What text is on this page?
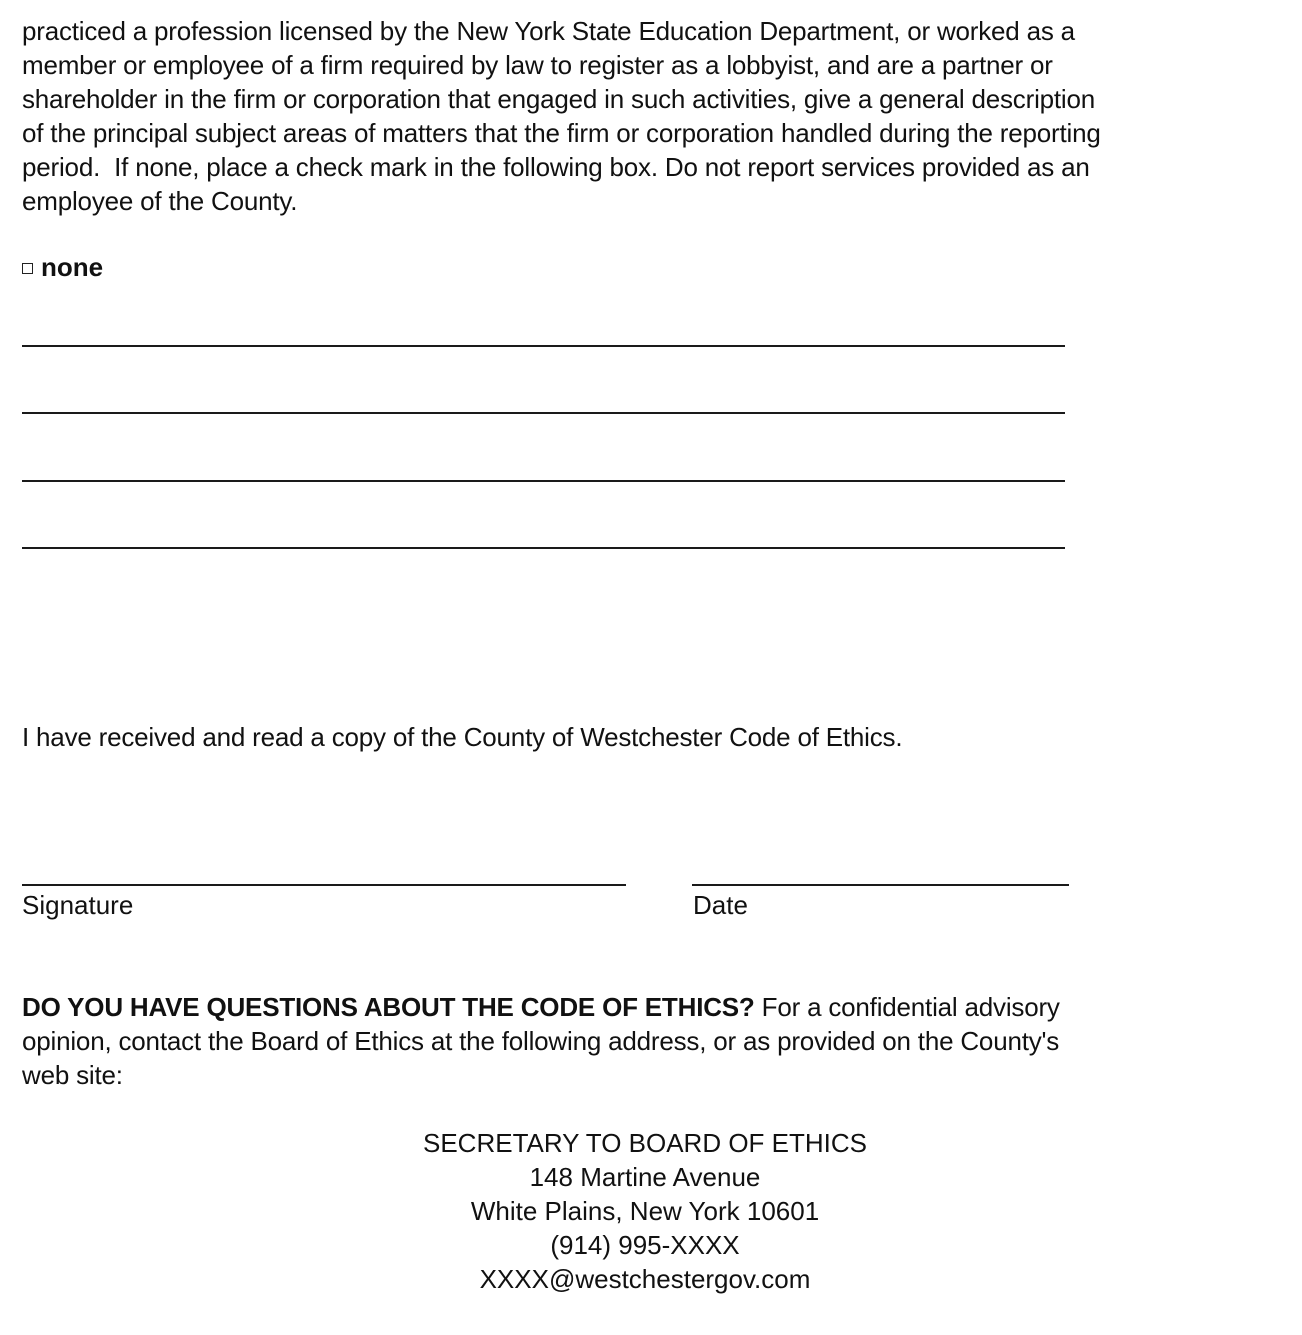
practiced a profession licensed by the New York State Education Department, or worked as a
member or employee of a firm required by law to register as a lobbyist, and are a partner or
shareholder in the firm or corporation that engaged in such activities, give a general description
of the principal subject areas of matters that the firm or corporation handled during the reporting
period.  If none, place a check mark in the following box. Do not report services provided as an
employee of the County.

none

I have received and read a copy of the County of Westchester Code of Ethics.

Signature	Date

DO YOU HAVE QUESTIONS ABOUT THE CODE OF ETHICS? For a confidential advisory
opinion, contact the Board of Ethics at the following address, or as provided on the County's
web site:

SECRETARY TO BOARD OF ETHICS
148 Martine Avenue
White Plains, New York 10601
(914) 995-XXXX
XXXX@westchestergov.com
